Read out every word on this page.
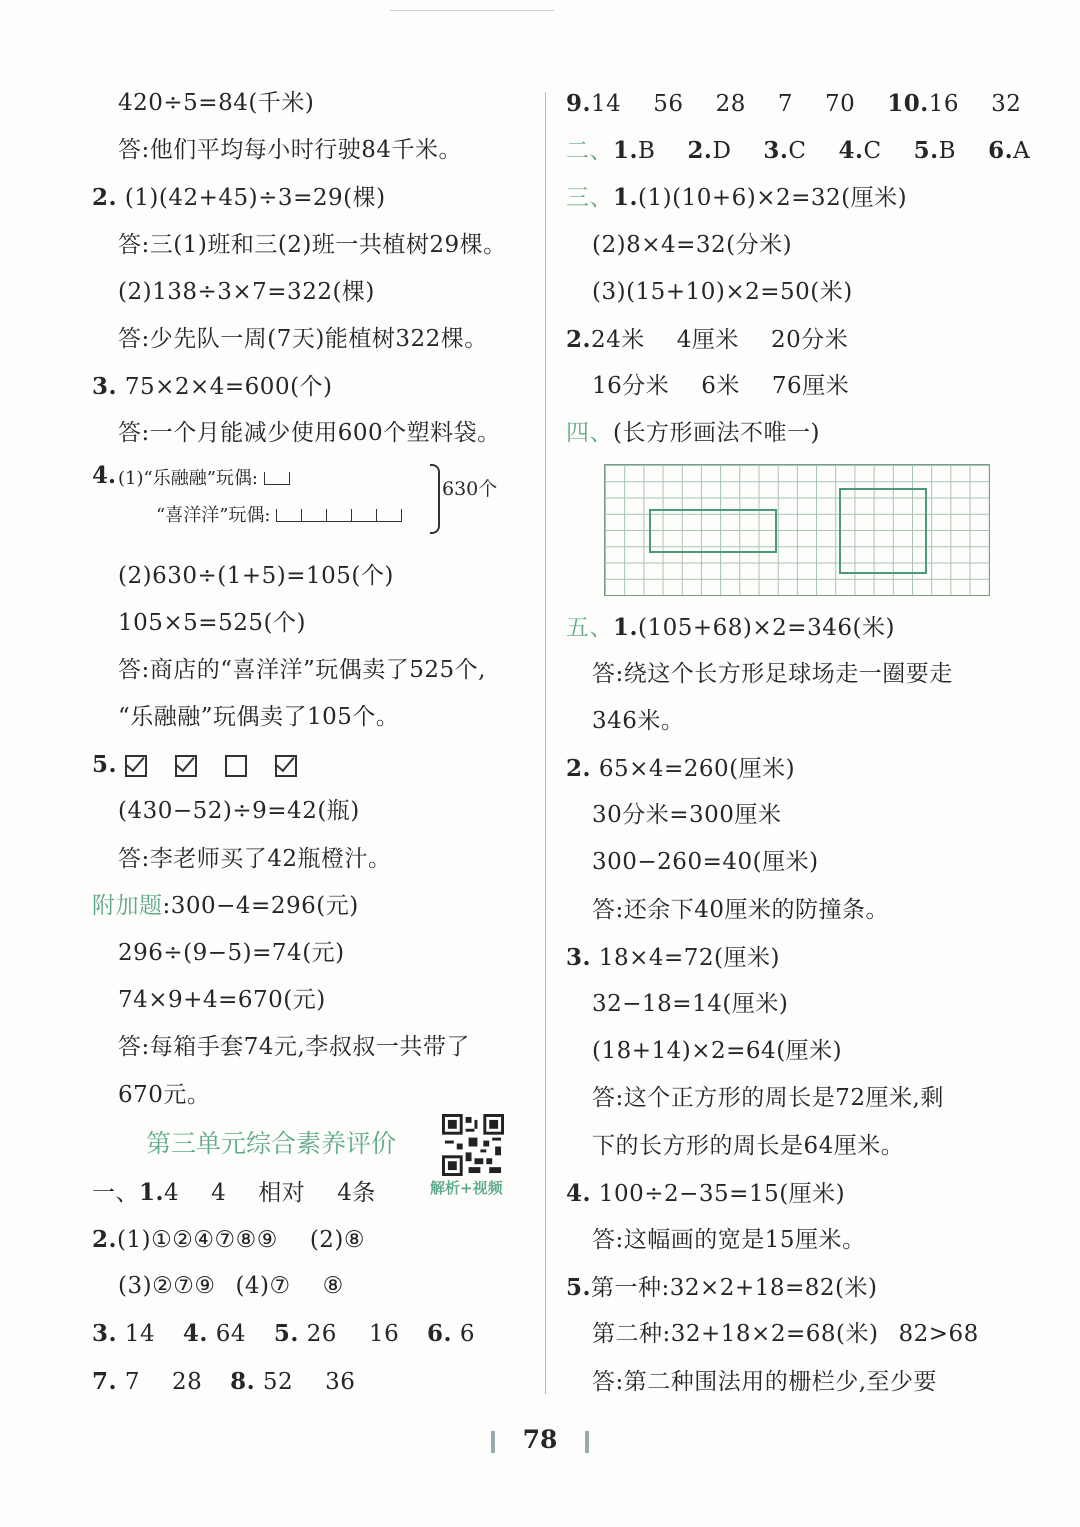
420÷5=84(千米)
答:他们平均每小时行驶84千米。
2. (1)(42+45)÷3=29(棵)
答:三(1)班和三(2)班一共植树29棵。
(2)138÷3×7=322(棵)
答:少先队一周(7天)能植树322棵。
3. 75×2×4=600(个)
答:一个月能减少使用600个塑料袋。
4. (1)“乐融融”玩偶:
“喜洋洋”玩偶:
630个
(2)630÷(1+5)=105(个)
105×5=525(个)
答:商店的“喜洋洋”玩偶卖了525个,
“乐融融”玩偶卖了105个。
5.
(430−52)÷9=42(瓶)
答:李老师买了42瓶橙汁。
附加题:300−4=296(元)
296÷(9−5)=74(元)
74×9+4=670(元)
答:每箱手套74元,李叔叔一共带了
670元。
第三单元综合素养评价
解析+视频
一、1.4 4 相对 4条
2.(1)①②④⑦⑧⑨ (2)⑧
(3)②⑦⑨ (4)⑦ ⑧
3. 14 4. 64 5. 26 16 6. 6
7. 7 28 8. 52 36
9.14 56 28 7 70 10.16 32
二、1.B 2.D 3.C 4.C 5.B 6.A
三、1.(1)(10+6)×2=32(厘米)
(2)8×4=32(分米)
(3)(15+10)×2=50(米)
2.24米 4厘米 20分米
16分米 6米 76厘米
四、(长方形画法不唯一)
五、1.(105+68)×2=346(米)
答:绕这个长方形足球场走一圈要走
346米。
2. 65×4=260(厘米)
30分米=300厘米
300−260=40(厘米)
答:还余下40厘米的防撞条。
3. 18×4=72(厘米)
32−18=14(厘米)
(18+14)×2=64(厘米)
答:这个正方形的周长是72厘米,剩
下的长方形的周长是64厘米。
4. 100÷2−35=15(厘米)
答:这幅画的宽是15厘米。
5.第一种:32×2+18=82(米)
第二种:32+18×2=68(米) 82>68
答:第二种围法用的栅栏少,至少要
78
